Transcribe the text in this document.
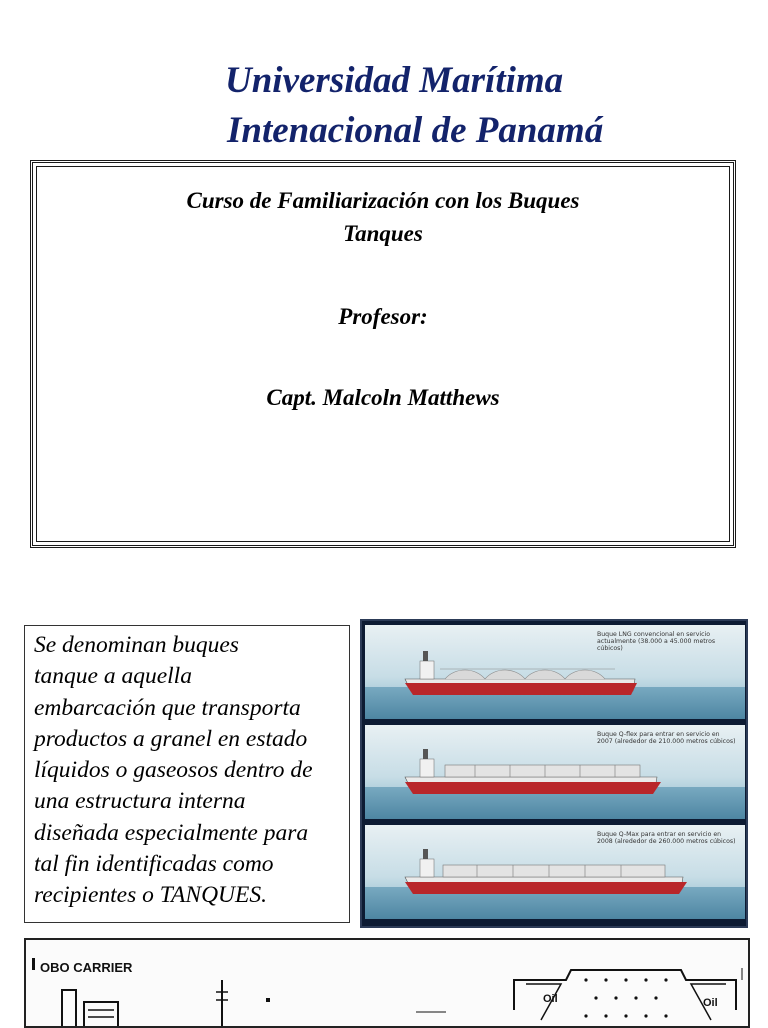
Universidad Marítima
Intenacional de Panamá
Curso de Familiarización con los Buques
Tanques
Profesor:
Capt. Malcoln Matthews
Se denominan buques
tanque a aquella
embarcación que transporta
productos a granel en estado
líquidos o gaseosos dentro de
una estructura interna
diseñada especialmente para
tal fin identificadas como
recipientes o TANQUES.
Buque LNG convencional en servicio actualmente (38.000 a 45.000 metros cúbicos)
Buque Q-flex para entrar en servicio en 2007 (alrededor de 210.000 metros cúbicos)
Buque Q-Max para entrar en servicio en 2008 (alrededor de 260.000 metros cúbicos)
OBO CARRIER
Oil	Oil
